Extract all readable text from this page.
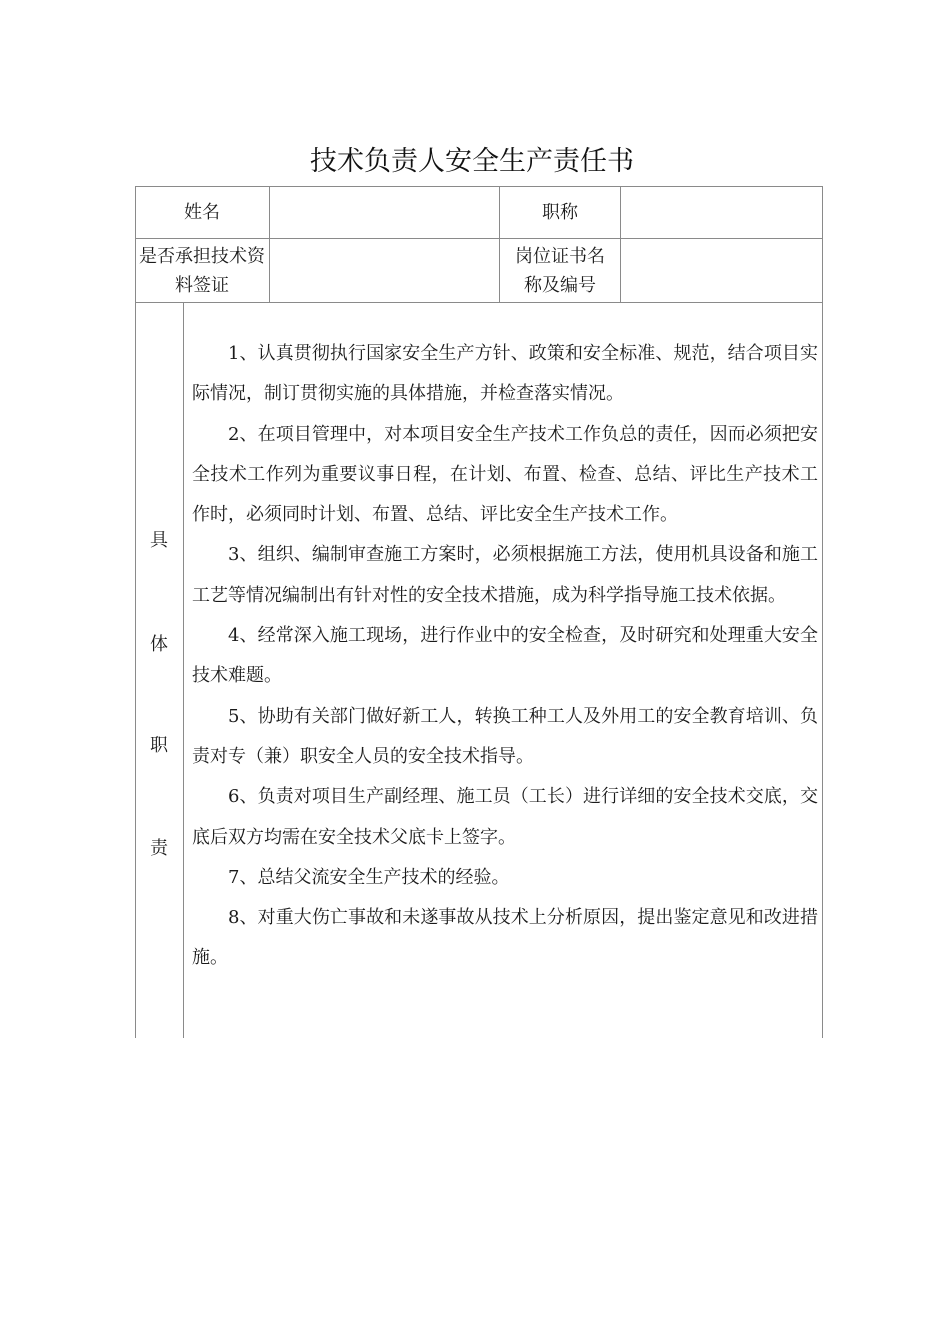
技术负责人安全生产责任书
姓名	职称
是否承担技术资料签证
岗位证书名称及编号
具
体
职
责

1、认真贯彻执行国家安全生产方针、政策和安全标准、规范，结合项目实际情况，制订贯彻实施的具体措施，并检查落实情况。

2、在项目管理中，对本项目安全生产技术工作负总的责任，因而必须把安全技术工作列为重要议事日程，在计划、布置、检查、总结、评比生产技术工作时，必须同时计划、布置、总结、评比安全生产技术工作。

3、组织、编制审查施工方案时，必须根据施工方法，使用机具设备和施工工艺等情况编制出有针对性的安全技术措施，成为科学指导施工技术依据。

4、经常深入施工现场，进行作业中的安全检查，及时研究和处理重大安全技术难题。

5、协助有关部门做好新工人，转换工种工人及外用工的安全教育培训、负责对专（兼）职安全人员的安全技术指导。

6、负责对项目生产副经理、施工员（工长）进行详细的安全技术交底，交底后双方均需在安全技术父底卡上签字。

7、总结父流安全生产技术的经验。

8、对重大伤亡事故和未遂事故从技术上分析原因，提出鉴定意见和改进措施。
